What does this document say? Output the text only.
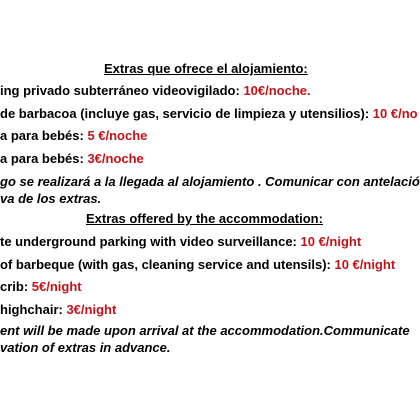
Extras que ofrece el alojamiento:
ing privado subterráneo videovigilado: 10€/noche.
de barbacoa (incluye gas, servicio de limpieza y utensilios): 10 €/no
a para bebés: 5 €/noche
a para bebés: 3€/noche
go se realizará a la llegada al alojamiento . Comunicar con antelació
va de los extras.
Extras offered by the accommodation:
te underground parking with video surveillance: 10 €/night
of barbeque (with gas, cleaning service and utensils): 10 €/night
crib: 5€/night
highchair: 3€/night
ent will be made upon arrival at the accommodation.Communicate
vation of extras in advance.
